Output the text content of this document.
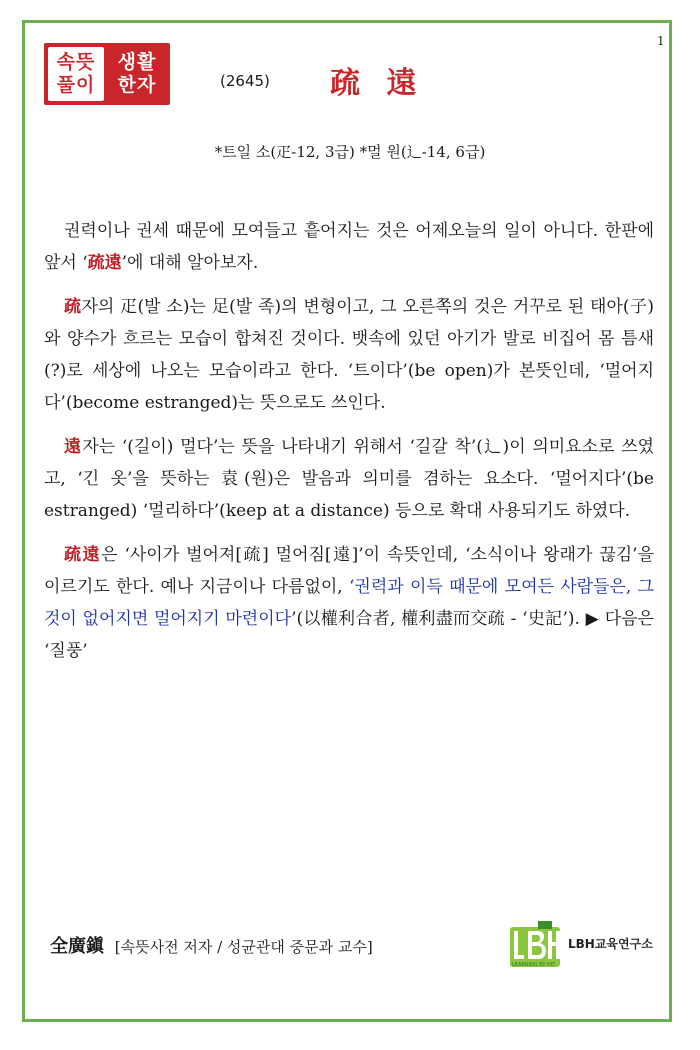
1
속뜻
풀이
생활
한자	(2645) 疏 遠
*트일 소(疋-12, 3급) *멀 원(辶-14, 6급)

권력이나 권세 때문에 모여들고 흩어지는 것은 어제오늘의 일이 아니다. 한판에 앞서 ‘疏遠’에 대해 알아보자.

疏자의 疋(발 소)는 足(발 족)의 변형이고, 그 오른쪽의 것은 거꾸로 된 태아(子)와 양수가 흐르는 모습이 합쳐진 것이다. 뱃속에 있던 아기가 발로 비집어 몸 틈새(?)로 세상에 나오는 모습이라고 한다. ‘트이다’(be open)가 본뜻인데, ‘멀어지다’(become estranged)는 뜻으로도 쓰인다.

遠자는 ‘(길이) 멀다’는 뜻을 나타내기 위해서 ‘길갈 착’(辶)이 의미요소로 쓰였고, ‘긴 옷’을 뜻하는 袁(원)은 발음과 의미를 겸하는 요소다. ‘멀어지다’(be estranged) ‘멀리하다’(keep at a distance) 등으로 확대 사용되기도 하였다.

疏遠은 ‘사이가 벌어져[疏] 멀어짐[遠]’이 속뜻인데, ‘소식이나 왕래가 끊김’을 이르기도 한다. 예나 지금이나 다름없이, ‘권력과 이득 때문에 모여든 사람들은, 그것이 없어지면 멀어지기 마련이다’(以權利合者, 權利盡而交疏 - ‘史記’). ▶ 다음은 ‘질풍’

全廣鎭 [속뜻사전 저자 / 성균관대 중문과 교수]	LBH교육연구소
LEARNING BY HIT
